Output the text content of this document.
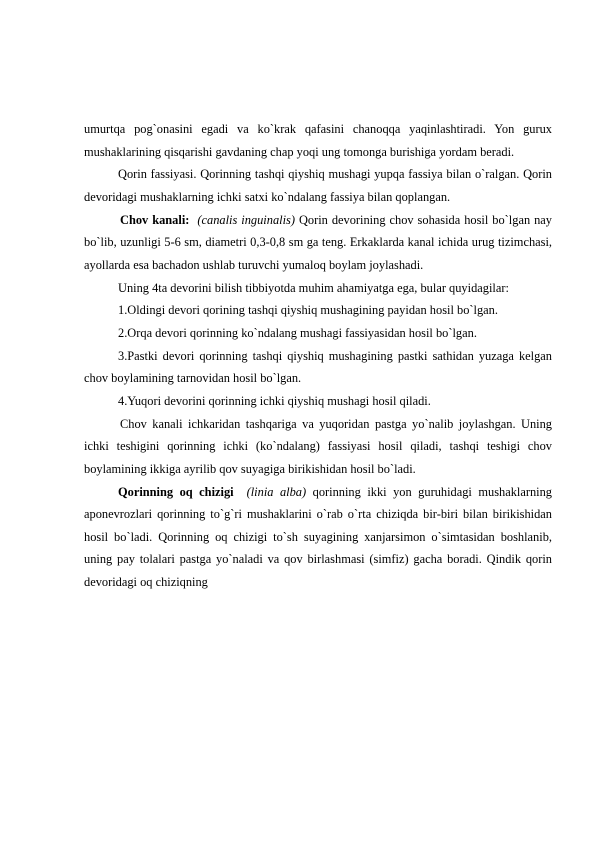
umurtqa pog`onasini egadi va ko`krak qafasini chanoqqa yaqinlashtiradi. Yon gurux mushaklarining qisqarishi gavdaning chap yoqi ung tomonga burishiga yordam beradi.

Qorin fassiyasi. Qorinning tashqi qiyshiq mushagi yupqa fassiya bilan o`ralgan. Qorin devoridagi mushaklarning ichki satxi ko`ndalang fassiya bilan qoplangan.

Chov kanali: (canalis inguinalis) Qorin devorining chov sohasida hosil bo`lgan nay bo`lib, uzunligi 5-6 sm, diametri 0,3-0,8 sm ga teng. Erkaklarda kanal ichida urug tizimchasi, ayollarda esa bachadon ushlab turuvchi yumaloq boylam joylashadi.

Uning 4ta devorini bilish tibbiyotda muhim ahamiyatga ega, bular quyidagilar:

1.Oldingi devori qorining tashqi qiyshiq mushagining payidan hosil bo`lgan.

2.Orqa devori qorinning ko`ndalang mushagi fassiyasidan hosil bo`lgan.

3.Pastki devori qorinning tashqi qiyshiq mushagining pastki sathidan yuzaga kelgan chov boylamining tarnovidan hosil bo`lgan.

4.Yuqori devorini qorinning ichki qiyshiq mushagi hosil qiladi.

Chov kanali ichkaridan tashqariga va yuqoridan pastga yo`nalib joylashgan. Uning ichki teshigini qorinning ichki (ko`ndalang) fassiyasi hosil qiladi, tashqi teshigi chov boylamining ikkiga ayrilib qov suyagiga birikishidan hosil bo`ladi.

Qorinning oq chizigi (linia alba) qorinning ikki yon guruhidagi mushaklarning aponevrozlari qorinning to`g`ri mushaklarini o`rab o`rta chiziqda bir-biri bilan birikishidan hosil bo`ladi. Qorinning oq chizigi to`sh suyagining xanjarsimon o`simtasidan boshlanib, uning pay tolalari pastga yo`naladi va qov birlashmasi (simfiz) gacha boradi. Qindik qorin devoridagi oq chiziqning
